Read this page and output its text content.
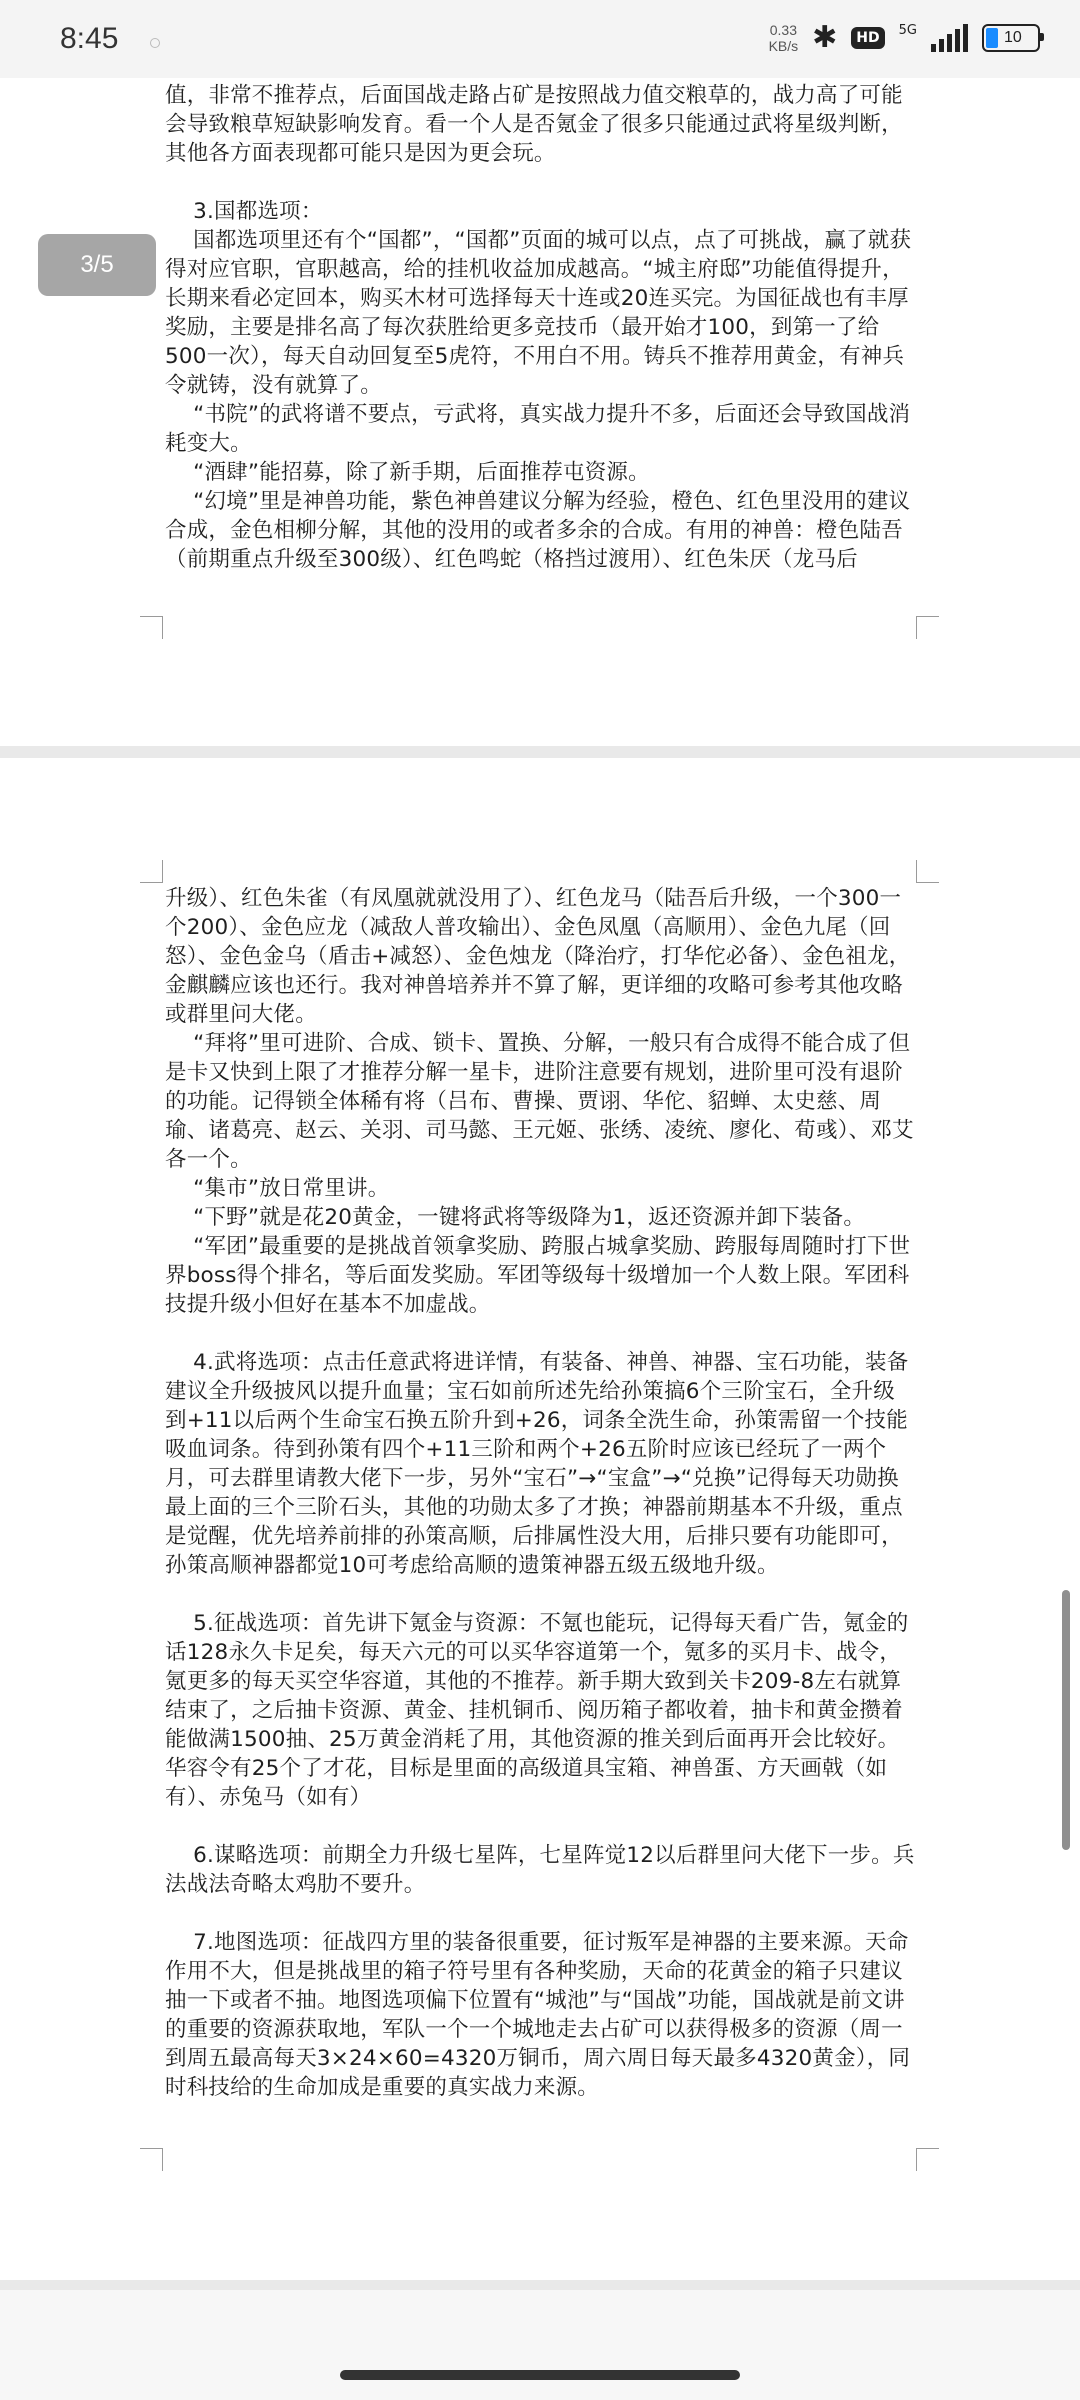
8:45	0.33
KB/s ✱	HD	5G	10

值，非常不推荐点，后面国战走路占矿是按照战力值交粮草的，战力高了可能会导致粮草短缺影响发育。看一个人是否氪金了很多只能通过武将星级判断，其他各方面表现都可能只是因为更会玩。

3.国都选项：

国都选项里还有个“国都”，“国都”页面的城可以点，点了可挑战，赢了就获得对应官职，官职越高，给的挂机收益加成越高。“城主府邸”功能值得提升，长期来看必定回本，购买木材可选择每天十连或20连买完。为国征战也有丰厚奖励，主要是排名高了每次获胜给更多竞技币（最开始才100，到第一了给500一次），每天自动回复至5虎符，不用白不用。铸兵不推荐用黄金，有神兵令就铸，没有就算了。

“书院”的武将谱不要点，亏武将，真实战力提升不多，后面还会导致国战消耗变大。

“酒肆”能招募，除了新手期，后面推荐屯资源。

“幻境”里是神兽功能，紫色神兽建议分解为经验，橙色、红色里没用的建议合成，金色相柳分解，其他的没用的或者多余的合成。有用的神兽：橙色陆吾（前期重点升级至300级）、红色鸣蛇（格挡过渡用）、红色朱厌（龙马后

升级）、红色朱雀（有凤凰就就没用了）、红色龙马（陆吾后升级，一个300一个200）、金色应龙（减敌人普攻输出）、金色凤凰（高顺用）、金色九尾（回怒）、金色金乌（盾击+减怒）、金色烛龙（降治疗，打华佗必备）、金色祖龙，金麒麟应该也还行。我对神兽培养并不算了解，更详细的攻略可参考其他攻略或群里问大佬。

“拜将”里可进阶、合成、锁卡、置换、分解，一般只有合成得不能合成了但是卡又快到上限了才推荐分解一星卡，进阶注意要有规划，进阶里可没有退阶的功能。记得锁全体稀有将（吕布、曹操、贾诩、华佗、貂蝉、太史慈、周瑜、诸葛亮、赵云、关羽、司马懿、王元姬、张绣、凌统、廖化、荀彧）、邓艾各一个。

“集市”放日常里讲。

“下野”就是花20黄金，一键将武将等级降为1，返还资源并卸下装备。

“军团”最重要的是挑战首领拿奖励、跨服占城拿奖励、跨服每周随时打下世界boss得个排名，等后面发奖励。军团等级每十级增加一个人数上限。军团科技提升级小但好在基本不加虚战。

4.武将选项：点击任意武将进详情，有装备、神兽、神器、宝石功能，装备建议全升级披风以提升血量；宝石如前所述先给孙策搞6个三阶宝石，全升级到+11以后两个生命宝石换五阶升到+26，词条全洗生命，孙策需留一个技能吸血词条。待到孙策有四个+11三阶和两个+26五阶时应该已经玩了一两个月，可去群里请教大佬下一步，另外“宝石”→“宝盒”→“兑换”记得每天功勋换最上面的三个三阶石头，其他的功勋太多了才换；神器前期基本不升级，重点是觉醒，优先培养前排的孙策高顺，后排属性没大用，后排只要有功能即可，孙策高顺神器都觉10可考虑给高顺的遗策神器五级五级地升级。

5.征战选项：首先讲下氪金与资源：不氪也能玩，记得每天看广告，氪金的话128永久卡足矣，每天六元的可以买华容道第一个，氪多的买月卡、战令，氪更多的每天买空华容道，其他的不推荐。新手期大致到关卡209-8左右就算结束了，之后抽卡资源、黄金、挂机铜币、阅历箱子都收着，抽卡和黄金攒着能做满1500抽、25万黄金消耗了用，其他资源的推关到后面再开会比较好。华容令有25个了才花，目标是里面的高级道具宝箱、神兽蛋、方天画戟（如有）、赤兔马（如有）

6.谋略选项：前期全力升级七星阵，七星阵觉12以后群里问大佬下一步。兵法战法奇略太鸡肋不要升。

7.地图选项：征战四方里的装备很重要，征讨叛军是神器的主要来源。天命作用不大，但是挑战里的箱子符号里有各种奖励，天命的花黄金的箱子只建议抽一下或者不抽。地图选项偏下位置有“城池”与“国战”功能，国战就是前文讲的重要的资源获取地，军队一个一个城地走去占矿可以获得极多的资源（周一到周五最高每天3×24×60=4320万铜币，周六周日每天最多4320黄金），同时科技给的生命加成是重要的真实战力来源。

3/5
